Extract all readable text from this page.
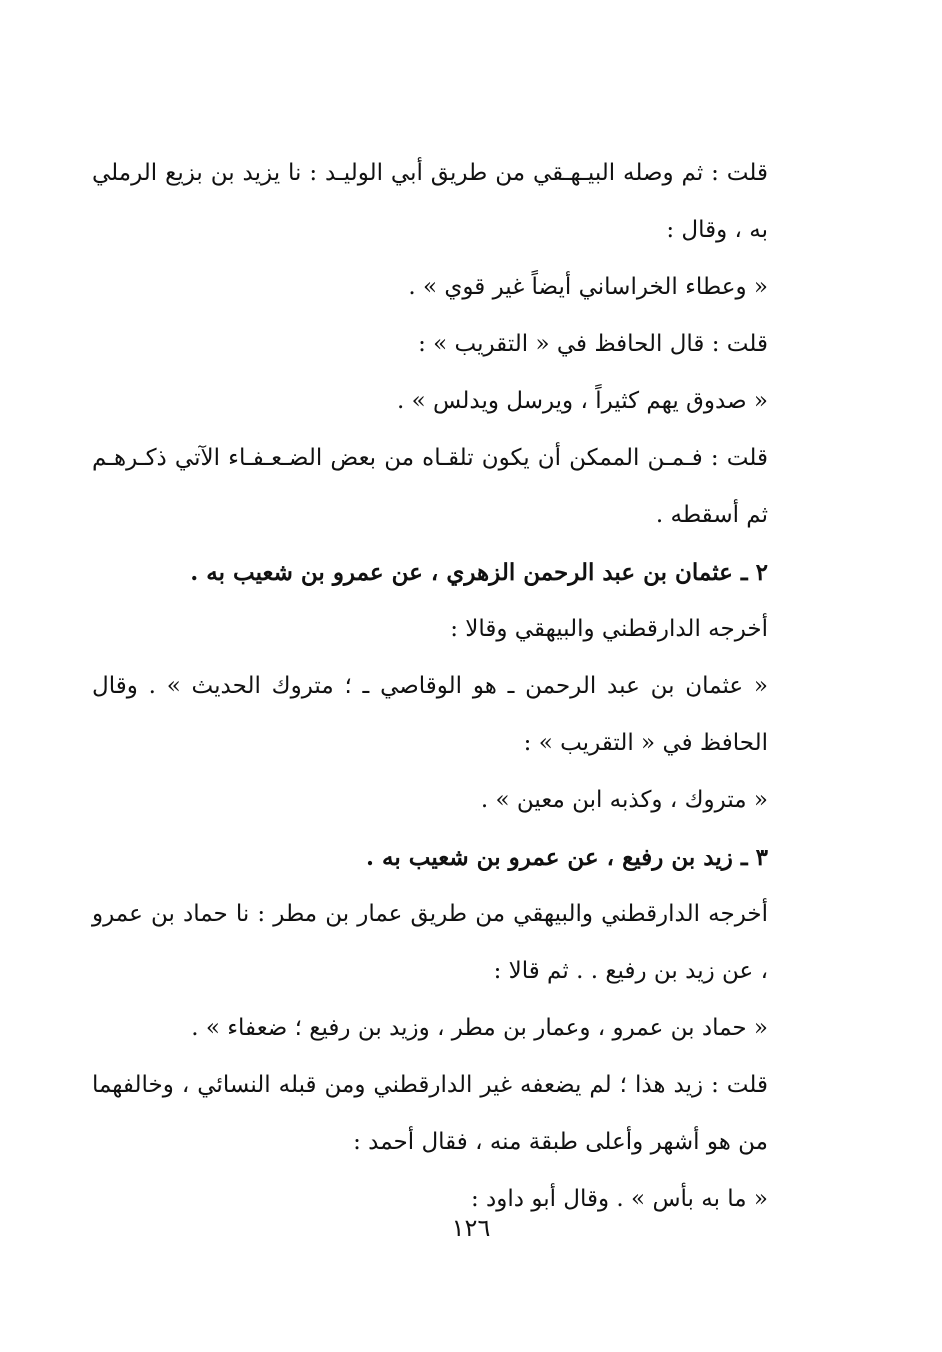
قلت : ثم وصله البيـهـقي من طريق أبي الوليـد : نا يزيد بن بزيع الرملي به ، وقال :

« وعطاء الخراساني أيضاً غير قوي » .

قلت : قال الحافظ في « التقريب » :

« صدوق يهم كثيراً ، ويرسل ويدلس » .

قلت : فـمـن الممكن أن يكون تلقـاه من بعض الضـعـفـاء الآتي ذكـرهـم ثم أسقطه .

٢ ـ عثمان بن عبد الرحمن الزهري ، عن عمرو بن شعيب به .

أخرجه الدارقطني والبيهقي وقالا :

« عثمان بن عبد الرحمن ـ هو الوقاصي ـ ؛ متروك الحديث » . وقال الحافظ في « التقريب » :

« متروك ، وكذبه ابن معين » .

٣ ـ زيد بن رفيع ، عن عمرو بن شعيب به .

أخرجه الدارقطني والبيهقي من طريق عمار بن مطر : نا حماد بن عمرو ، عن زيد بن رفيع . . ثم قالا :

« حماد بن عمرو ، وعمار بن مطر ، وزيد بن رفيع ؛ ضعفاء » .

قلت : زيد هذا ؛ لم يضعفه غير الدارقطني ومن قبله النسائي ، وخالفهما من هو أشهر وأعلى طبقة منه ، فقال أحمد :

« ما به بأس » . وقال أبو داود :

١٢٦
